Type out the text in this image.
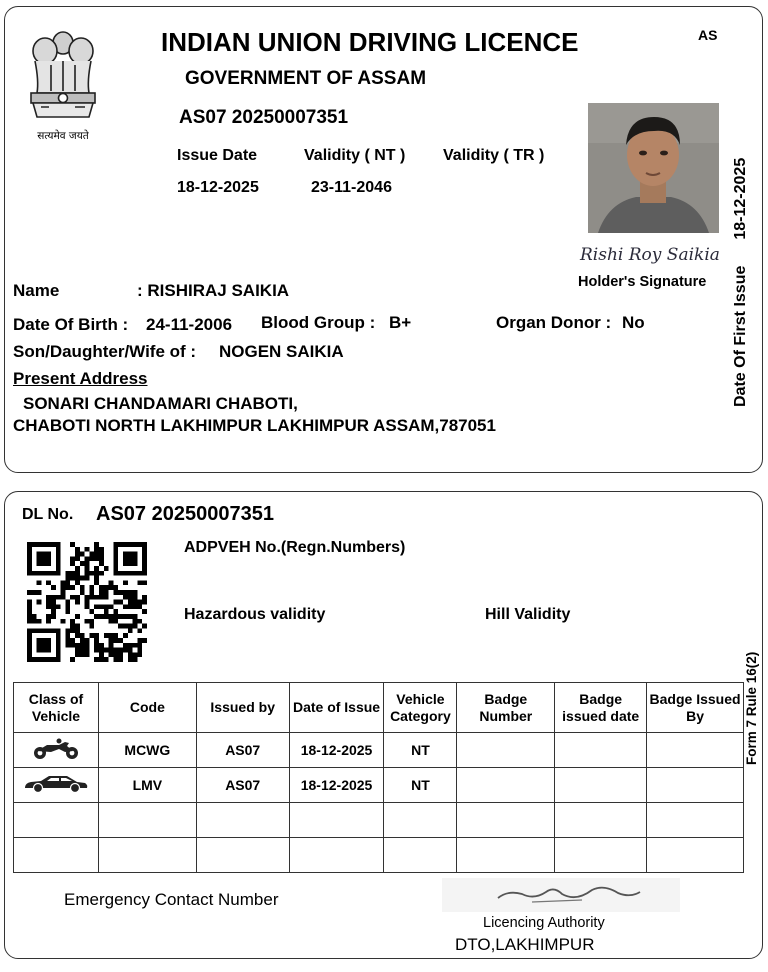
सत्यमेव जयते
INDIAN UNION DRIVING LICENCE	AS
GOVERNMENT OF ASSAM
AS07 20250007351
Issue Date	Validity ( NT ) Validity ( TR )
18-12-2025	23-11-2046
Rishi Roy Saikia
Holder's Signature Date Of First Issue18-12-2025
Name	: RISHIRAJ SAIKIA
Date Of Birth : 24-11-2006 Blood Group : B+	Organ Donor : No
Son/Daughter/Wife of : NOGEN SAIKIA
Present Address
SONARI CHANDAMARI CHABOTI,
CHABOTI NORTH LAKHIMPUR LAKHIMPUR ASSAM,787051
DL No. AS07 20250007351
ADPVEH No.(Regn.Numbers)
Hazardous validity	Hill Validity
Form 7 Rule 16(2)
Class of Vehicle	Code	Issued by	Date of Issue	Vehicle Category	Badge Number	Badge issued date	Badge Issued By
	MCWG	AS07	18-12-2025	NT			
	LMV	AS07	18-12-2025	NT			

Emergency Contact Number
Licencing Authority
DTO,LAKHIMPUR
